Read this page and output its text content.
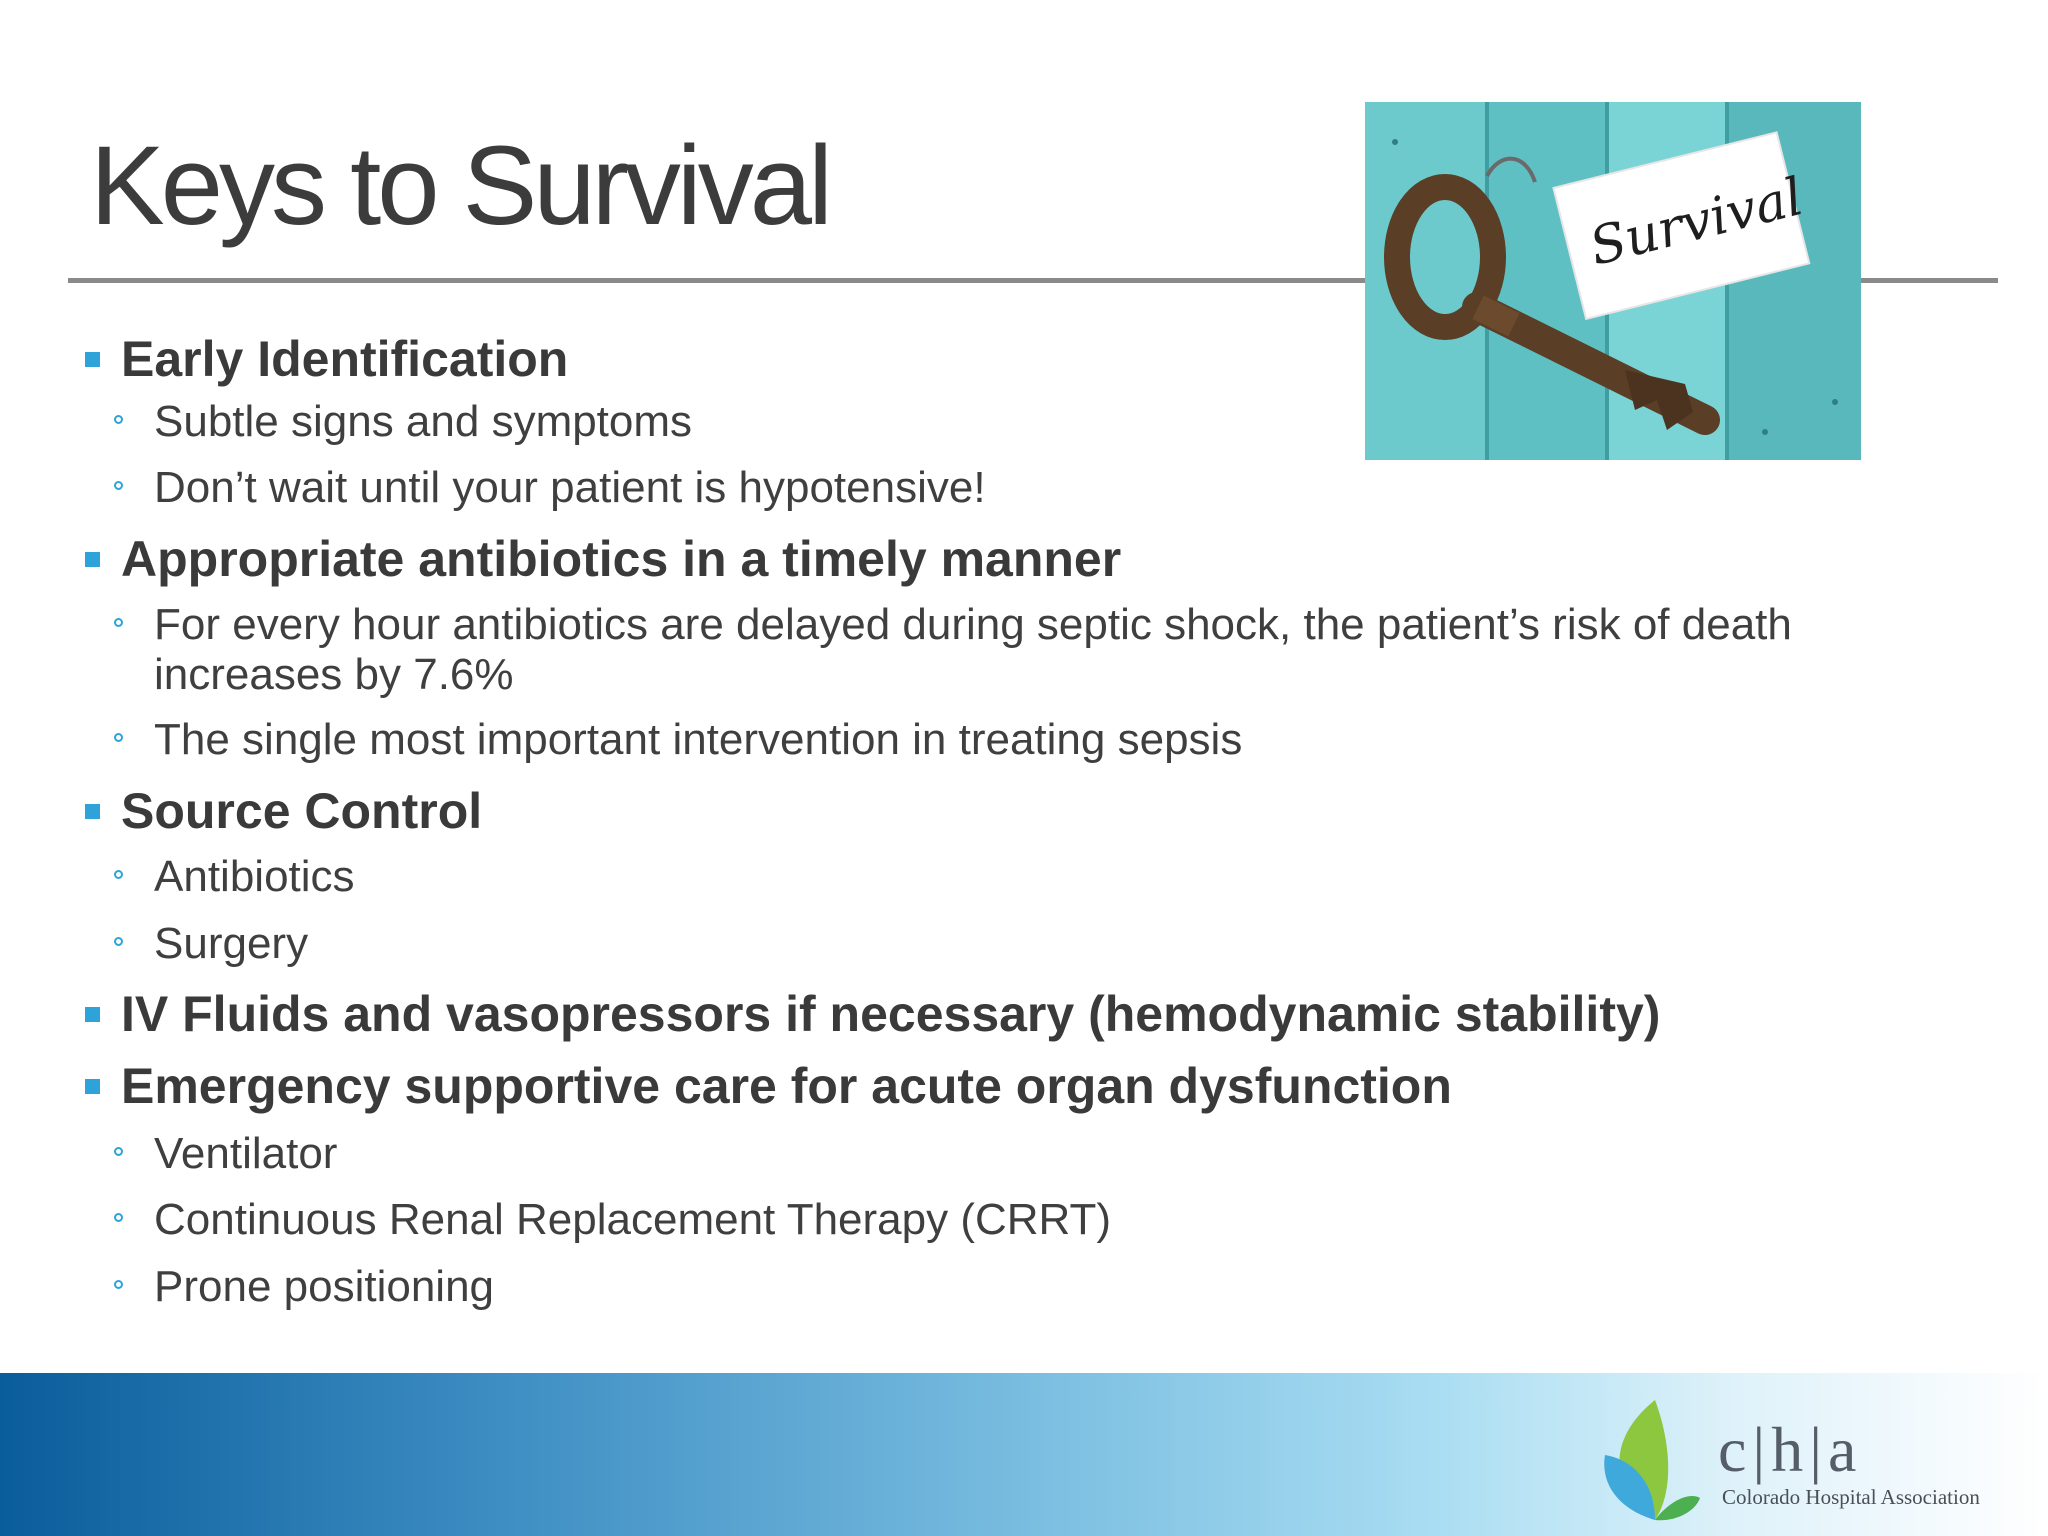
Keys to Survival	Survival
Early Identification
Subtle signs and symptoms
Don’t wait until your patient is hypotensive!
Appropriate antibiotics in a timely manner
For every hour antibiotics are delayed during septic shock, the patient’s risk of death
increases by 7.6%
The single most important intervention in treating sepsis
Source Control
Antibiotics
Surgery
IV Fluids and vasopressors if necessary (hemodynamic stability)
Emergency supportive care for acute organ dysfunction
Ventilator
Continuous Renal Replacement Therapy (CRRT)
Prone positioning
c|h|a
Colorado Hospital Association
